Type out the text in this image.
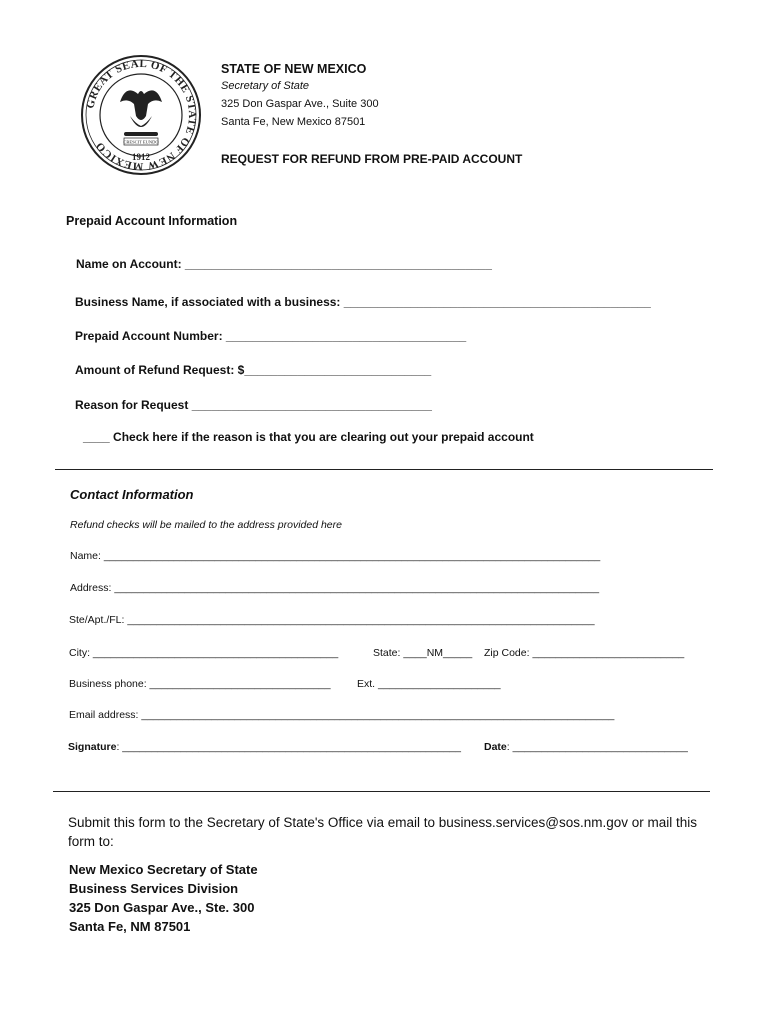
GREAT SEAL OF THE STATE OF NEW MEXICO	CRESCIT EUNDO
1912
STATE OF NEW MEXICO
Secretary of State
325 Don Gaspar Ave., Suite 300
Santa Fe, New Mexico 87501
REQUEST FOR REFUND FROM PRE-PAID ACCOUNT
Prepaid Account Information
Name on Account: ______________________________________________
Business Name, if associated with a business: ______________________________________________
Prepaid Account Number: ____________________________________
Amount of Refund Request: $____________________________
Reason for Request ____________________________________
____ Check here if the reason is that you are clearing out your prepaid account
Contact Information
Refund checks will be mailed to the address provided here
Name: _____________________________________________________________________________________
Address: ___________________________________________________________________________________
Ste/Apt./FL: ________________________________________________________________________________
City: __________________________________________	State: ____NM_____ Zip Code: __________________________
Business phone: _______________________________	Ext. _____________________
Email address: _________________________________________________________________________________
Signature: __________________________________________________________ Date: ______________________________
Submit this form to the Secretary of State's Office via email to business.services@sos.nm.gov or mail this form to:
New Mexico Secretary of State
Business Services Division
325 Don Gaspar Ave., Ste. 300
Santa Fe, NM 87501
